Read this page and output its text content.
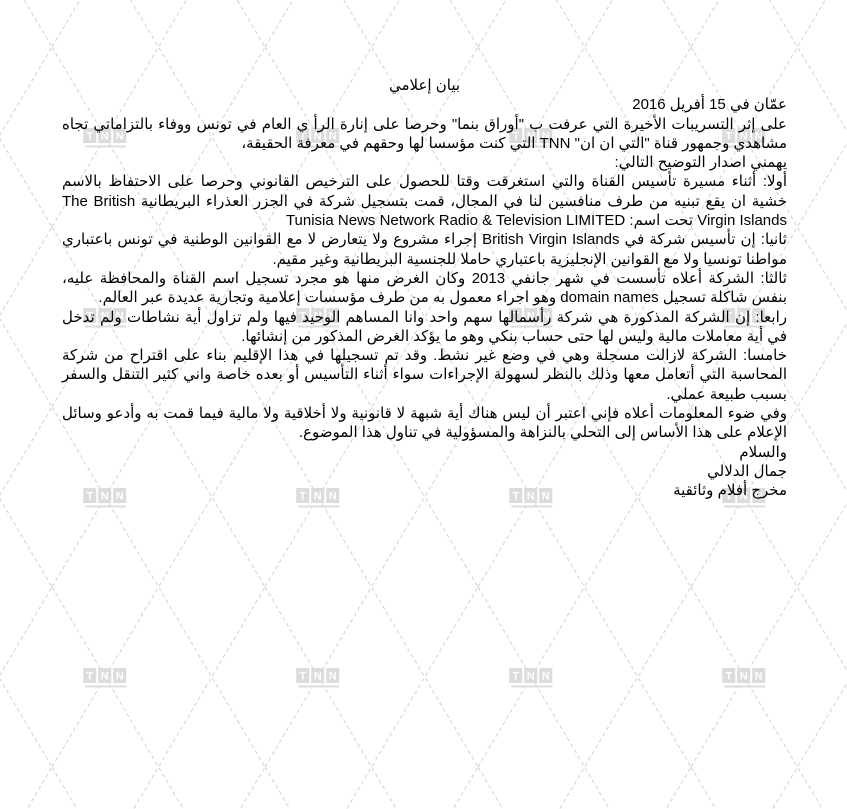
بيان إعلامي

عمّان في 15 أفريل 2016

على إثر التسريبات الأخيرة التي عرفت ب "أوراق بنما" وحرصا على إنارة الرأ ي العام في تونس ووفاء بالتزاماتي تجاه مشاهدي وجمهور قناة "التي ان ان" TNN التي كنت مؤسسا لها وحقهم في معرفة الحقيقة،

يهمني اصدار التوضيح التالي:

أولا: أثناء مسيرة تأسيس القناة والتي استغرقت وقتا للحصول على الترخيص القانوني وحرصا على الاحتفاظ بالاسم خشية ان يقع تبنيه من طرف منافسين لنا في المجال، قمت بتسجيل شركة في الجزر العذراء البريطانية The British Virgin Islands تحت اسم: Tunisia News Network Radio & Television LIMITED

ثانيا: إن تأسيس شركة في British Virgin Islands إجراء مشروع ولا يتعارض لا مع القوانين الوطنية في تونس باعتباري مواطنا تونسيا ولا مع القوانين الإنجليزية باعتباري حاملا للجنسية البريطانية وغير مقيم.

ثالثا: الشركة أعلاه تأسست في شهر جانفي 2013 وكان الغرض منها هو مجرد تسجيل اسم القناة والمحافظة عليه، بنفس شاكلة تسجيل domain names وهو اجراء معمول به من طرف مؤسسات إعلامية وتجارية عديدة عبر العالم.

رابعا: إن الشركة المذكورة هي شركة رأسمالها سهم واحد وانا المساهم الوحيد فيها ولم تزاول أية نشاطات ولم تدخل في أية معاملات مالية وليس لها حتى حساب بنكي وهو ما يؤكد الغرض المذكور من إنشائها.

خامسا: الشركة لازالت مسجلة وهي في وضع غير نشط. وقد تم تسجيلها في هذا الإقليم بناء على اقتراح من شركة المحاسبة التي أتعامل معها وذلك بالنظر لسهولة الإجراءات سواء أثناء التأسيس أو بعده خاصة واني كثير التنقل والسفر بسبب طبيعة عملي.

وفي ضوء المعلومات أعلاه فإني اعتبر أن ليس هناك أية شبهة لا قانونية ولا أخلاقية ولا مالية فيما قمت به وأدعو وسائل الإعلام على هذا الأساس إلى التحلي بالنزاهة والمسؤولية في تناول هذا الموضوع.

والسلام

جمال الدلالي

مخرج أفلام وثائقية
